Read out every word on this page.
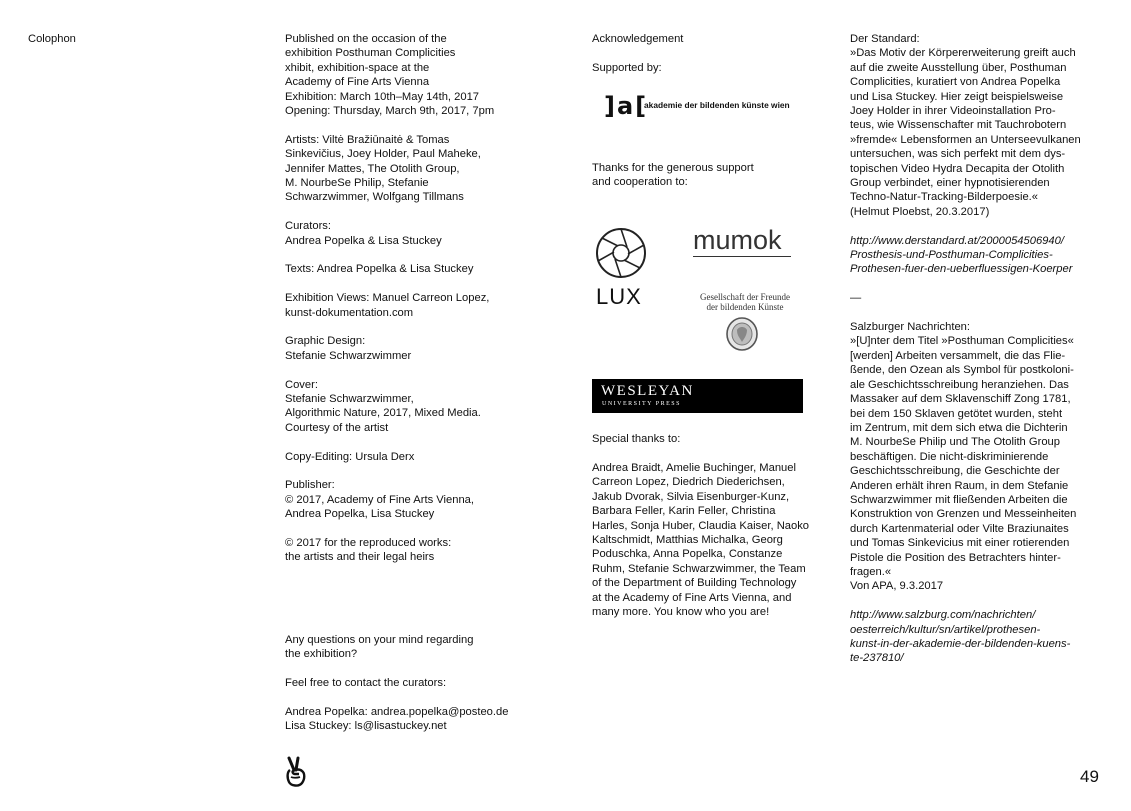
Colophon	Published on the occasion of the
exhibition Posthuman Complicities
xhibit, exhibition-space at the
Academy of Fine Arts Vienna
Exhibition: March 10th–May 14th, 2017
Opening: Thursday, March 9th, 2017, 7pm
Artists: Viltė Bražiūnaitė & Tomas
Sinkevičius, Joey Holder, Paul Maheke,
Jennifer Mattes, The Otolith Group,
M. NourbeSe Philip, Stefanie
Schwarzwimmer, Wolfgang Tillmans
Curators:
Andrea Popelka & Lisa Stuckey
Texts: Andrea Popelka & Lisa Stuckey
Exhibition Views: Manuel Carreon Lopez,
kunst-dokumentation.com
Graphic Design:
Stefanie Schwarzwimmer
Cover:
Stefanie Schwarzwimmer,
Algorithmic Nature, 2017, Mixed Media.
Courtesy of the artist
Copy-Editing: Ursula Derx
Publisher:
© 2017, Academy of Fine Arts Vienna,
Andrea Popelka, Lisa Stuckey
© 2017 for the reproduced works:
the artists and their legal heirs
Any questions on your mind regarding
the exhibition?
Feel free to contact the curators:
Andrea Popelka: andrea.popelka@posteo.de
Lisa Stuckey: ls@lisastuckey.net
Acknowledgement
Supported by:
]a[
akademie der bildenden künste wien
Thanks for the generous support
and cooperation to:
LUX
mumok
Gesellschaft der Freunde
der bildenden Künste
WESLEYAN
UNIVERSITY PRESS
Special thanks to:
Andrea Braidt, Amelie Buchinger, Manuel
Carreon Lopez, Diedrich Diederichsen,
Jakub Dvorak, Silvia Eisenburger-Kunz,
Barbara Feller, Karin Feller, Christina
Harles, Sonja Huber, Claudia Kaiser, Naoko
Kaltschmidt, Matthias Michalka, Georg
Poduschka, Anna Popelka, Constanze
Ruhm, Stefanie Schwarzwimmer, the Team
of the Department of Building Technology
at the Academy of Fine Arts Vienna, and
many more. You know who you are!
Der Standard:
»Das Motiv der Körpererweiterung greift auch
auf die zweite Ausstellung über, Posthuman
Complicities, kuratiert von Andrea Popelka
und Lisa Stuckey. Hier zeigt beispielsweise
Joey Holder in ihrer Videoinstallation Pro-
teus, wie Wissenschafter mit Tauchrobotern
»fremde« Lebensformen an Unterseevulkanen
untersuchen, was sich perfekt mit dem dys-
topischen Video Hydra Decapita der Otolith
Group verbindet, einer hypnotisierenden
Techno-Natur-Tracking-Bilderpoesie.«
(Helmut Ploebst, 20.3.2017)
http://www.derstandard.at/2000054506940/
Prosthesis-und-Posthuman-Complicities-
Prothesen-fuer-den-ueberfluessigen-Koerper
—
Salzburger Nachrichten:
»[U]nter dem Titel »Posthuman Complicities«
[werden] Arbeiten versammelt, die das Flie-
ßende, den Ozean als Symbol für postkoloni-
ale Geschichtsschreibung heranziehen. Das
Massaker auf dem Sklavenschiff Zong 1781,
bei dem 150 Sklaven getötet wurden, steht
im Zentrum, mit dem sich etwa die Dichterin
M. NourbeSe Philip und The Otolith Group
beschäftigen. Die nicht-diskriminierende
Geschichtsschreibung, die Geschichte der
Anderen erhält ihren Raum, in dem Stefanie
Schwarzwimmer mit fließenden Arbeiten die
Konstruktion von Grenzen und Messeinheiten
durch Kartenmaterial oder Vilte Braziunaites
und Tomas Sinkevicius mit einer rotierenden
Pistole die Position des Betrachters hinter-
fragen.«
Von APA, 9.3.2017
http://www.salzburg.com/nachrichten/
oesterreich/kultur/sn/artikel/prothesen-
kunst-in-der-akademie-der-bildenden-kuens-
te-237810/
49
